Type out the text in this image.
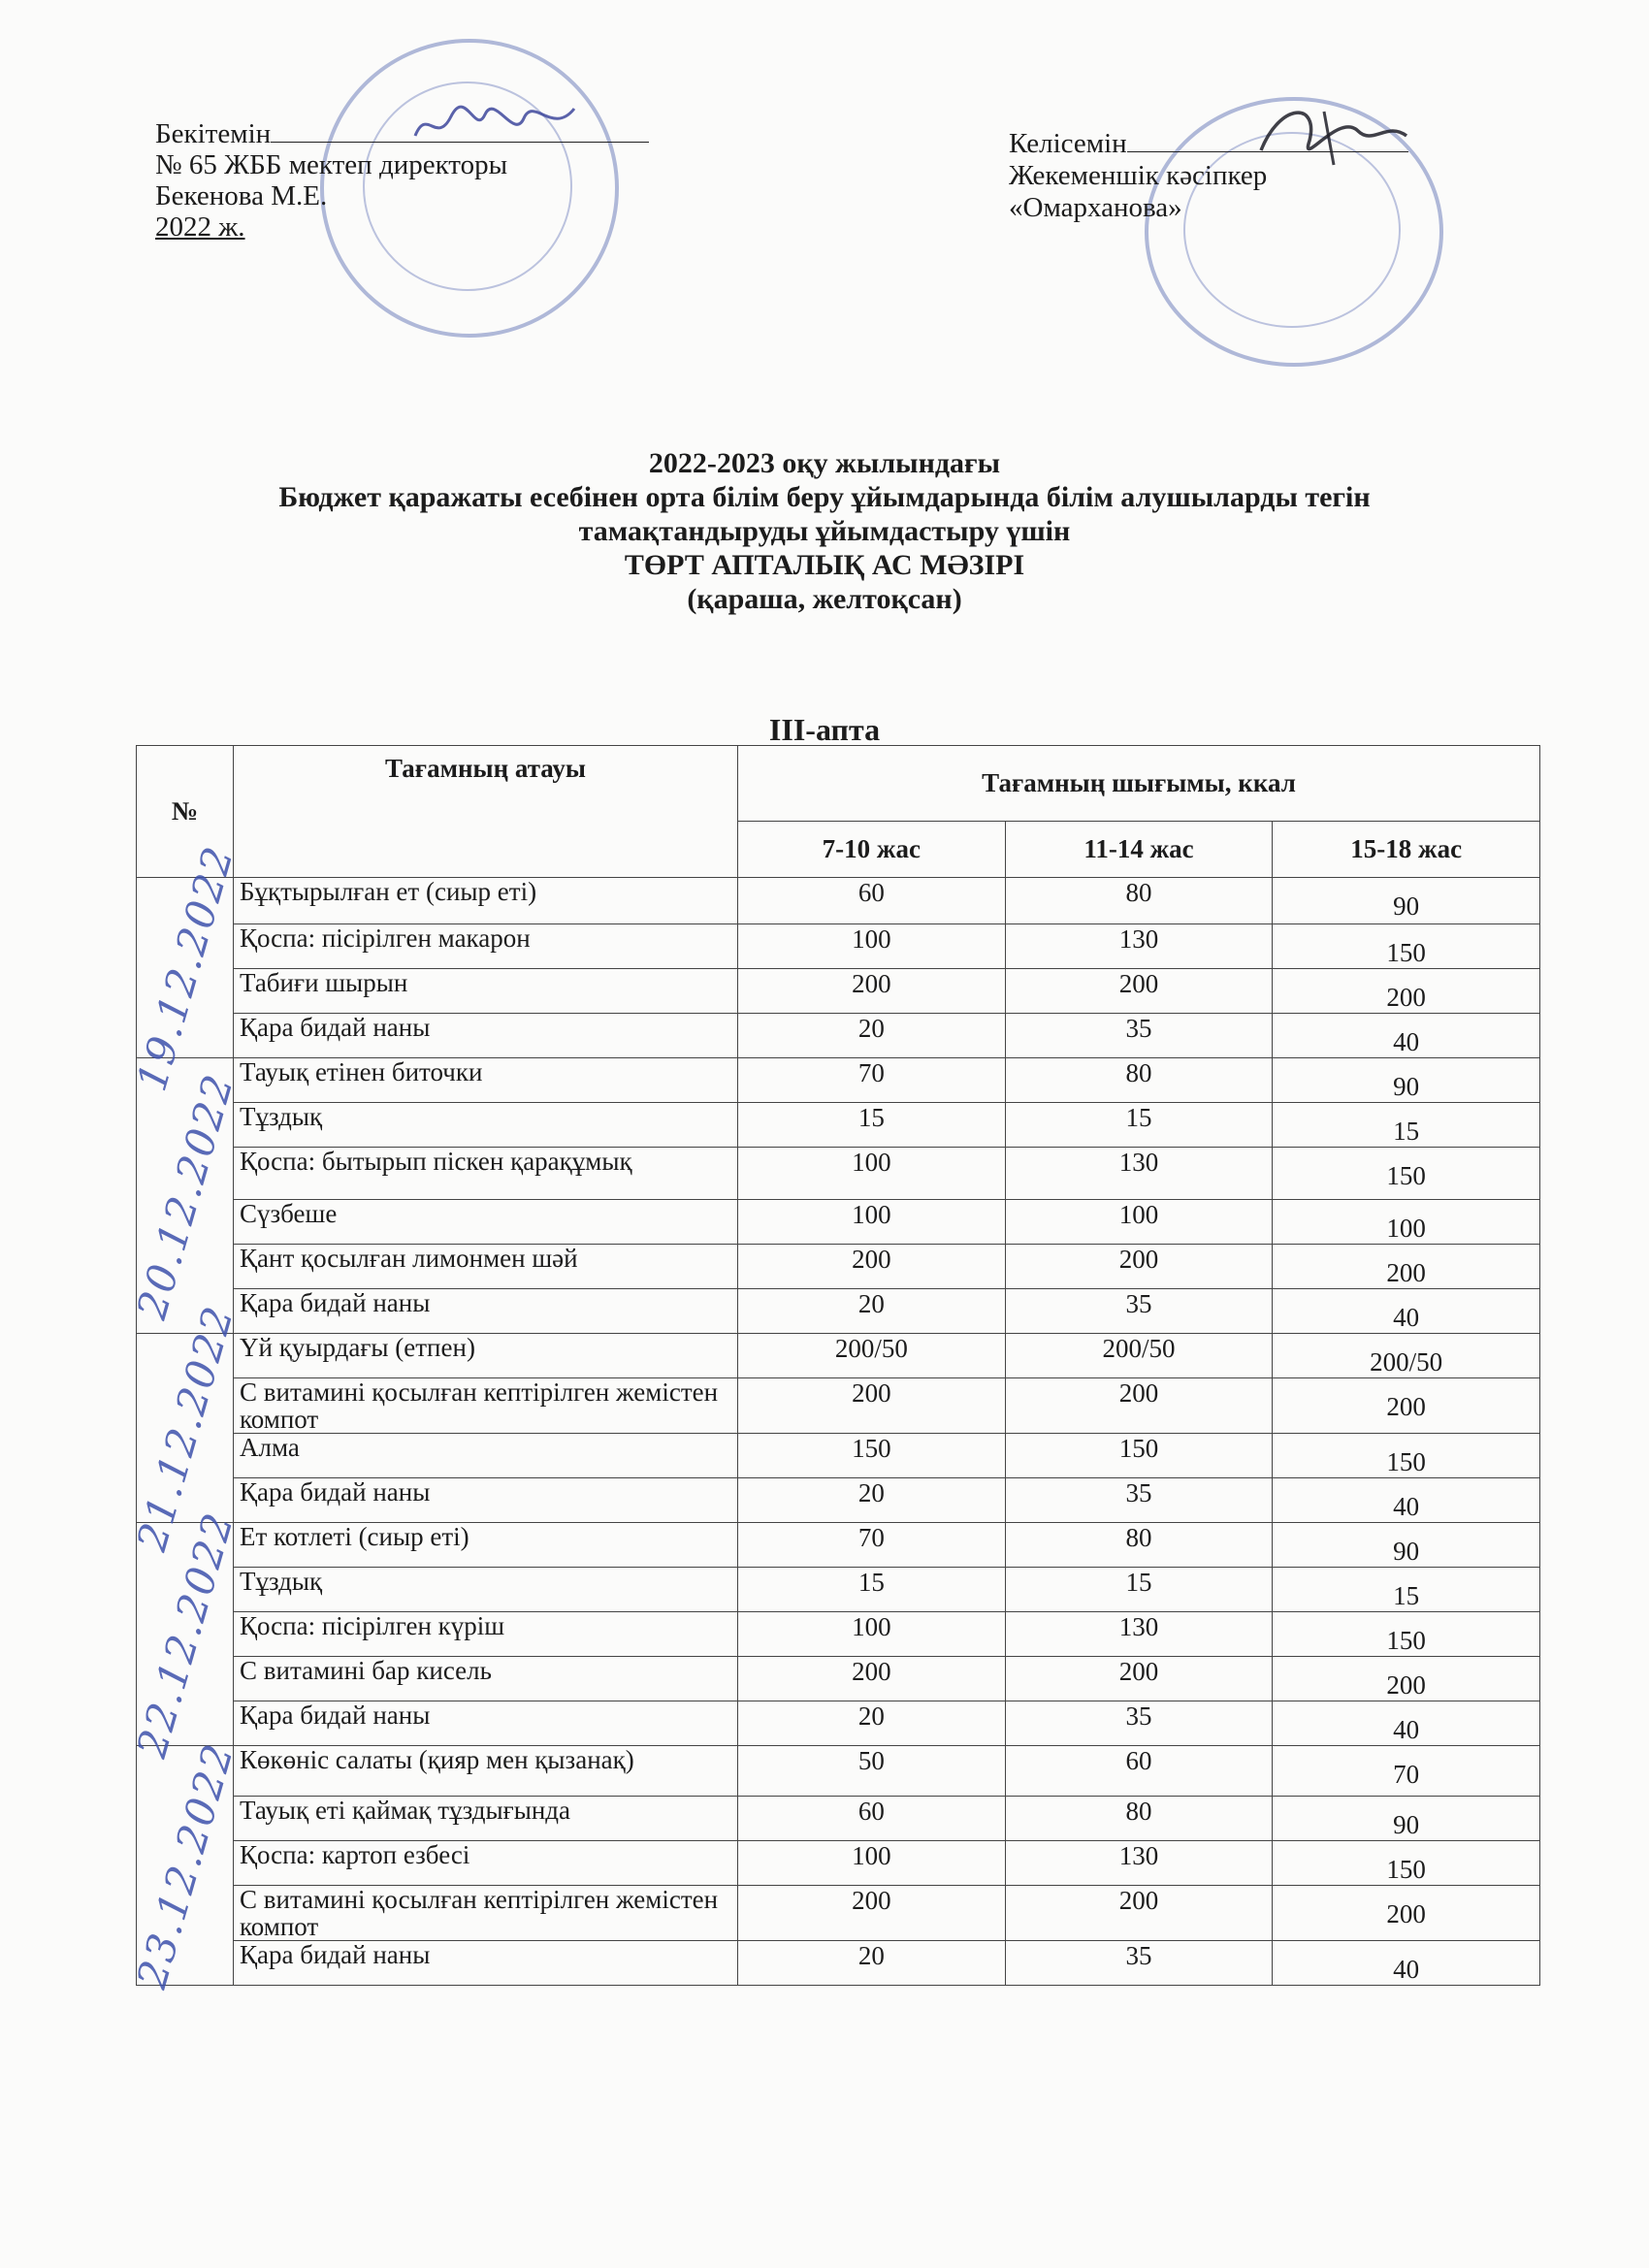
Бекітемін
№ 65 ЖББ мектеп директоры
Бекенова М.Е.
2022 ж.
Келісемін
Жекеменшік кәсіпкер
«Омарханова»
2022-2023 оқу жылындағы
Бюджет қаражаты есебінен орта білім беру ұйымдарында білім алушыларды тегін
тамақтандыруды ұйымдастыру үшін
ТӨРТ АПТАЛЫҚ АС МӘЗІРІ
(қараша, желтоқсан)
III-апта
№	Тағамның атауы	Тағамның шығымы, ккал		
		7-10 жас	11-14 жас	15-18 жас

19.12.2022	Бұқтырылған ет (сиыр еті)	60	80	90
	Қоспа: пісірілген макарон	100	130	150
	Табиғи шырын	200	200	200
	Қара бидай наны	20	35	40

20.12.2022	Тауық етінен биточки	70	80	90
	Тұздық	15	15	15
	Қоспа: бытырып піскен қарақұмық	100	130	150
	Сүзбеше	100	100	100
	Қант қосылған лимонмен шәй	200	200	200
	Қара бидай наны	20	35	40

21.12.2022	Үй қуырдағы (етпен)	200/50	200/50	200/50
	С витамині қосылған кептірілген жемістен компот	200	200	200
	Алма	150	150	150
	Қара бидай наны	20	35	40

22.12.2022	Ет котлеті (сиыр еті)	70	80	90
	Тұздық	15	15	15
	Қоспа: пісірілген күріш	100	130	150
	С витамині бар кисель	200	200	200
	Қара бидай наны	20	35	40

23.12.2022	Көкөніс салаты (қияр мен қызанақ)	50	60	70
	Тауық еті қаймақ тұздығында	60	80	90
	Қоспа: картоп езбесі	100	130	150
	С витамині қосылған кептірілген жемістен компот	200	200	200
	Қара бидай наны	20	35	40
